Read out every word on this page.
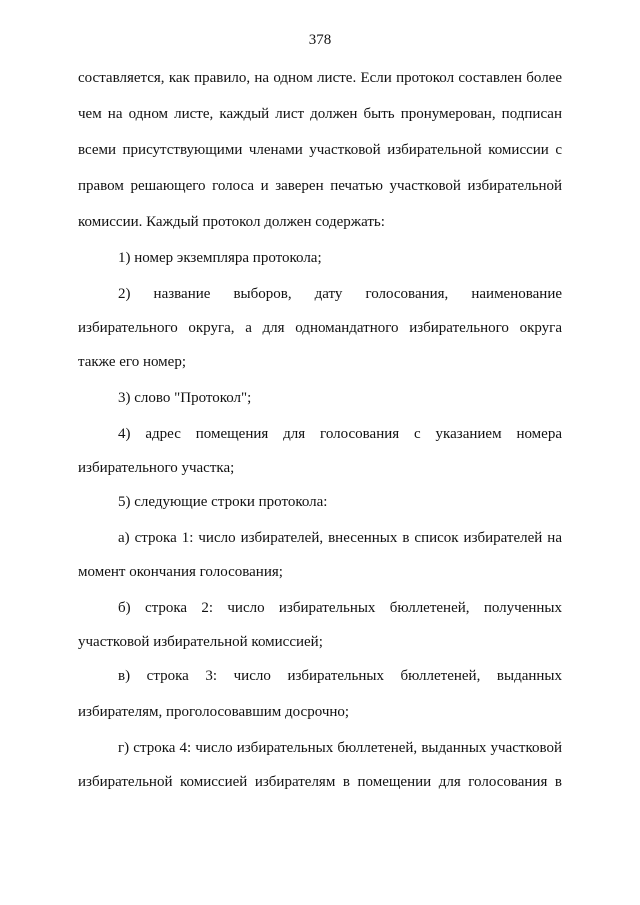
378
составляется, как правило, на одном листе. Если протокол составлен более
чем на одном листе, каждый лист должен быть пронумерован, подписан
всеми присутствующими членами участковой избирательной комиссии с
правом решающего голоса и заверен печатью участковой избирательной
комиссии. Каждый протокол должен содержать:
1) номер экземпляра протокола;
2) название выборов, дату голосования, наименование
избирательного округа, а для одномандатного избирательного округа
также его номер;
3) слово "Протокол";
4) адрес помещения для голосования с указанием номера
избирательного участка;
5) следующие строки протокола:
а) строка 1: число избирателей, внесенных в список избирателей на
момент окончания голосования;
б) строка 2: число избирательных бюллетеней, полученных
участковой избирательной комиссией;
в) строка 3: число избирательных бюллетеней, выданных
избирателям, проголосовавшим досрочно;
г) строка 4: число избирательных бюллетеней, выданных участковой
избирательной комиссией избирателям в помещении для голосования в
